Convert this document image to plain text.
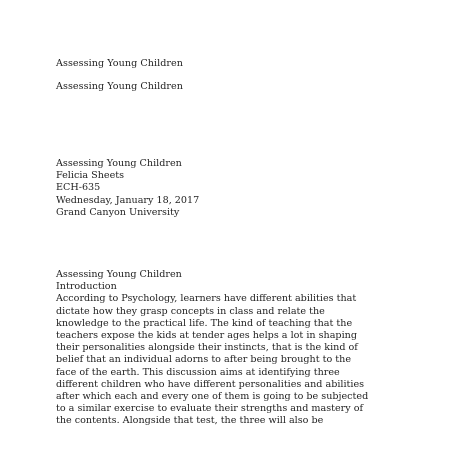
Assessing Young Children
Assessing Young Children
Assessing Young Children
Felicia Sheets
ECH-635
Wednesday, January 18, 2017
Grand Canyon University
Assessing Young Children
Introduction
According to Psychology, learners have different abilities that
dictate how they grasp concepts in class and relate the
knowledge to the practical life. The kind of teaching that the
teachers expose the kids at tender ages helps a lot in shaping
their personalities alongside their instincts, that is the kind of
belief that an individual adorns to after being brought to the
face of the earth. This discussion aims at identifying three
different children who have different personalities and abilities
after which each and every one of them is going to be subjected
to a similar exercise to evaluate their strengths and mastery of
the contents. Alongside that test, the three will also be
